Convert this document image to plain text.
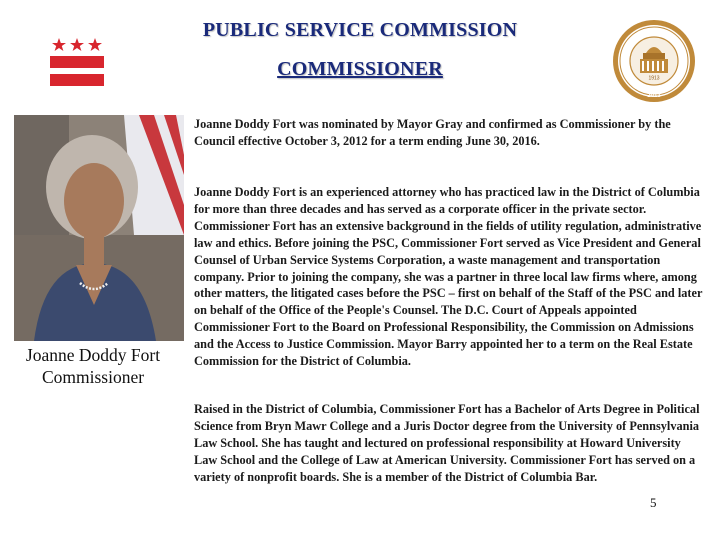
PUBLIC SERVICE COMMISSION
COMMISSIONER	1913
2013
Joanne Doddy Fort
Commissioner

Joanne Doddy Fort was nominated by Mayor Gray and confirmed as Commissioner by the Council effective October 3, 2012 for a term ending June 30, 2016.

Joanne Doddy Fort is an experienced attorney who has practiced law in the District of Columbia for more than three decades and has served as a corporate officer in the private sector. Commissioner Fort has an extensive background in the fields of utility regulation, administrative law and ethics. Before joining the PSC, Commissioner Fort served as Vice President and General Counsel of Urban Service Systems Corporation, a waste management and transportation company. Prior to joining the company, she was a partner in three local law firms where, among other matters, the litigated cases before the PSC – first on behalf of the Staff of the PSC and later on behalf of the Office of the People's Counsel. The D.C. Court of Appeals appointed Commissioner Fort to the Board on Professional Responsibility, the Commission on Admissions and the Access to Justice Commission. Mayor Barry appointed her to a term on the Real Estate Commission for the District of Columbia.

Raised in the District of Columbia, Commissioner Fort has a Bachelor of Arts Degree in Political Science from Bryn Mawr College and a Juris Doctor degree from the University of Pennsylvania Law School. She has taught and lectured on professional responsibility at Howard University Law School and the College of Law at American University. Commissioner Fort has served on a variety of nonprofit boards. She is a member of the District of Columbia Bar.

5
